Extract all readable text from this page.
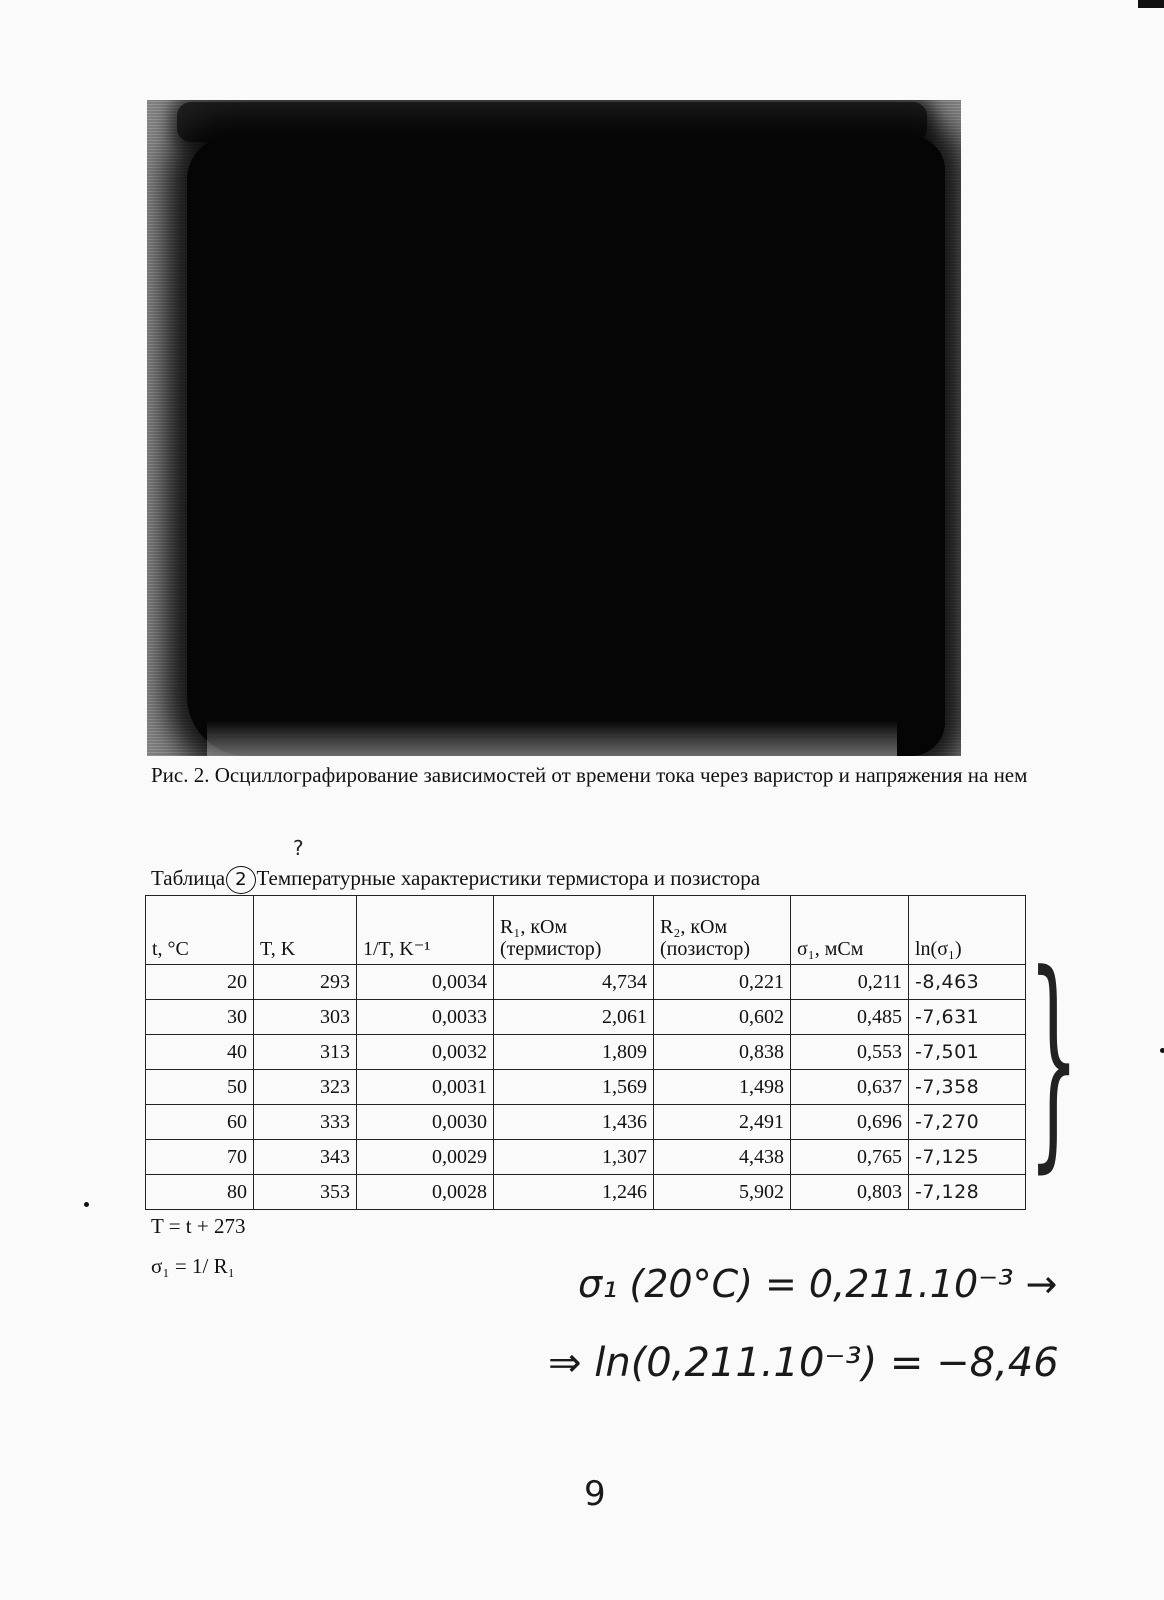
Рис. 2. Осциллографирование зависимостей от времени тока через варистор и напряжения на нем
?
Таблица 2 Температурные характеристики термистора и позистора
t, °C	T, K	1/T, K⁻¹	R₁, кОм (термистор)	R₂, кОм (позистор)	σ₁, мСм	ln(σ₁)
20	293	0,0034	4,734	0,221	0,211	-8,463
30	303	0,0033	2,061	0,602	0,485	-7,631
40	313	0,0032	1,809	0,838	0,553	-7,501
50	323	0,0031	1,569	1,498	0,637	-7,358
60	333	0,0030	1,436	2,491	0,696	-7,270
70	343	0,0029	1,307	4,438	0,765	-7,125
80	353	0,0028	1,246	5,902	0,803	-7,128 }
T = t + 273
σ₁ = 1/ R₁	σ₁ (20°C) = 0,211.10⁻³ →
⇒ ln(0,211.10⁻³) = −8,46
9
